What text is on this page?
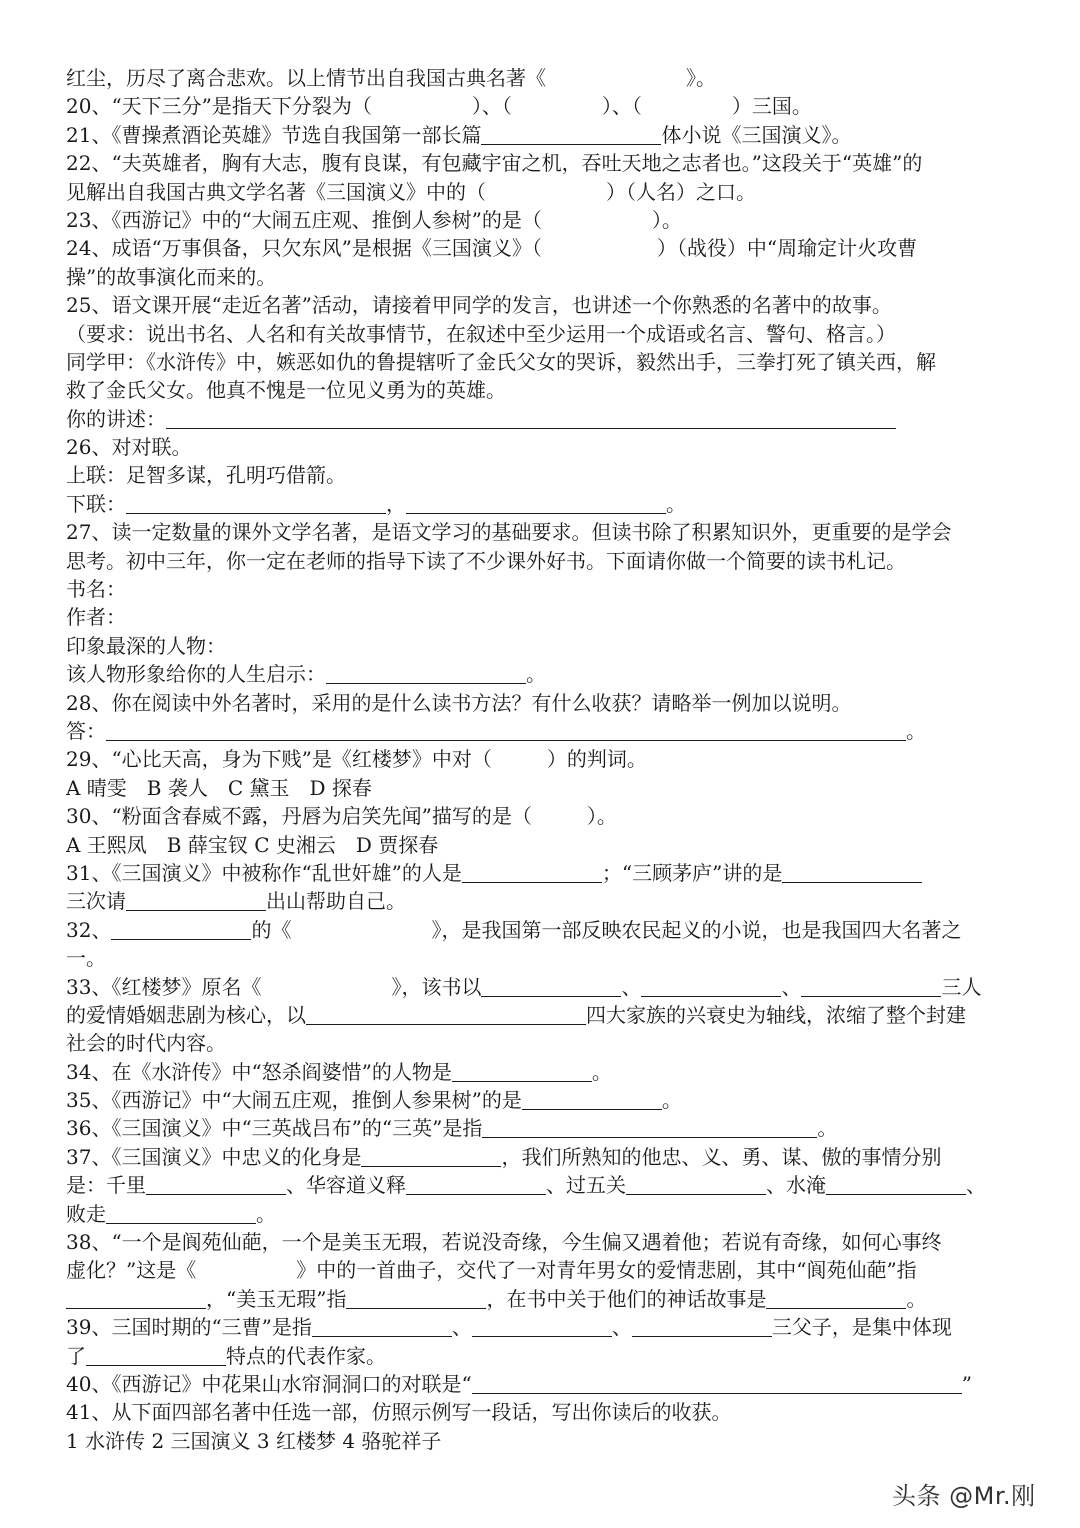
红尘，历尽了离合悲欢。以上情节出自我国古典名著《	》。
20、“天下三分”是指天下分裂为（	）、（	）、（	）三国。
21、《曹操煮酒论英雄》节选自我国第一部长篇	体小说《三国演义》。
22、“夫英雄者，胸有大志，腹有良谋，有包藏宇宙之机，吞吐天地之志者也。”这段关于“英雄”的
见解出自我国古典文学名著《三国演义》中的（	）（人名）之口。
23、《西游记》中的“大闹五庄观、推倒人参树”的是（	）。
24、成语“万事俱备，只欠东风”是根据《三国演义》（	）（战役）中“周瑜定计火攻曹
操”的故事演化而来的。
25、语文课开展“走近名著”活动，请接着甲同学的发言，也讲述一个你熟悉的名著中的故事。
（要求：说出书名、人名和有关故事情节，在叙述中至少运用一个成语或名言、警句、格言。）
同学甲：《水浒传》中，嫉恶如仇的鲁提辖听了金氏父女的哭诉，毅然出手，三拳打死了镇关西，解
救了金氏父女。他真不愧是一位见义勇为的英雄。
你的讲述：
26、对对联。
上联：足智多谋，孔明巧借箭。
下联：	，	。
27、读一定数量的课外文学名著，是语文学习的基础要求。但读书除了积累知识外，更重要的是学会
思考。初中三年，你一定在老师的指导下读了不少课外好书。下面请你做一个简要的读书札记。
书名：
作者：
印象最深的人物：
该人物形象给你的人生启示：	。
28、你在阅读中外名著时，采用的是什么读书方法？有什么收获？请略举一例加以说明。
答：	。
29、“心比天高，身为下贱”是《红楼梦》中对（	）的判词。
A 晴雯　B 袭人　C 黛玉　D 探春
30、“粉面含春威不露，丹唇为启笑先闻”描写的是（	）。
A 王熙凤　B 薛宝钗 C 史湘云　D 贾探春
31、《三国演义》中被称作“乱世奸雄”的人是	；“三顾茅庐”讲的是
三次请	出山帮助自己。
32、	的《	》，是我国第一部反映农民起义的小说，也是我国四大名著之
一。
33、《红楼梦》原名《	》，该书以	、	、	三人
的爱情婚姻悲剧为核心，以	四大家族的兴衰史为轴线，浓缩了整个封建
社会的时代内容。
34、在《水浒传》中“怒杀阎婆惜”的人物是	。
35、《西游记》中“大闹五庄观，推倒人参果树”的是	。
36、《三国演义》中“三英战吕布”的“三英”是指	。
37、《三国演义》中忠义的化身是	，我们所熟知的他忠、义、勇、谋、傲的事情分别
是：千里	、华容道义释	、过五关	、水淹	、
败走	。
38、“一个是阆苑仙葩，一个是美玉无瑕，若说没奇缘，今生偏又遇着他；若说有奇缘，如何心事终
虚化？”这是《	》中的一首曲子，交代了一对青年男女的爱情悲剧，其中“阆苑仙葩”指
，“美玉无瑕”指	，在书中关于他们的神话故事是	。
39、三国时期的“三曹”是指	、	、	三父子，是集中体现
了	特点的代表作家。
40、《西游记》中花果山水帘洞洞口的对联是“	”
41、从下面四部名著中任选一部，仿照示例写一段话，写出你读后的收获。
1 水浒传 2 三国演义 3 红楼梦 4 骆驼祥子
头条 @Mr.刚
